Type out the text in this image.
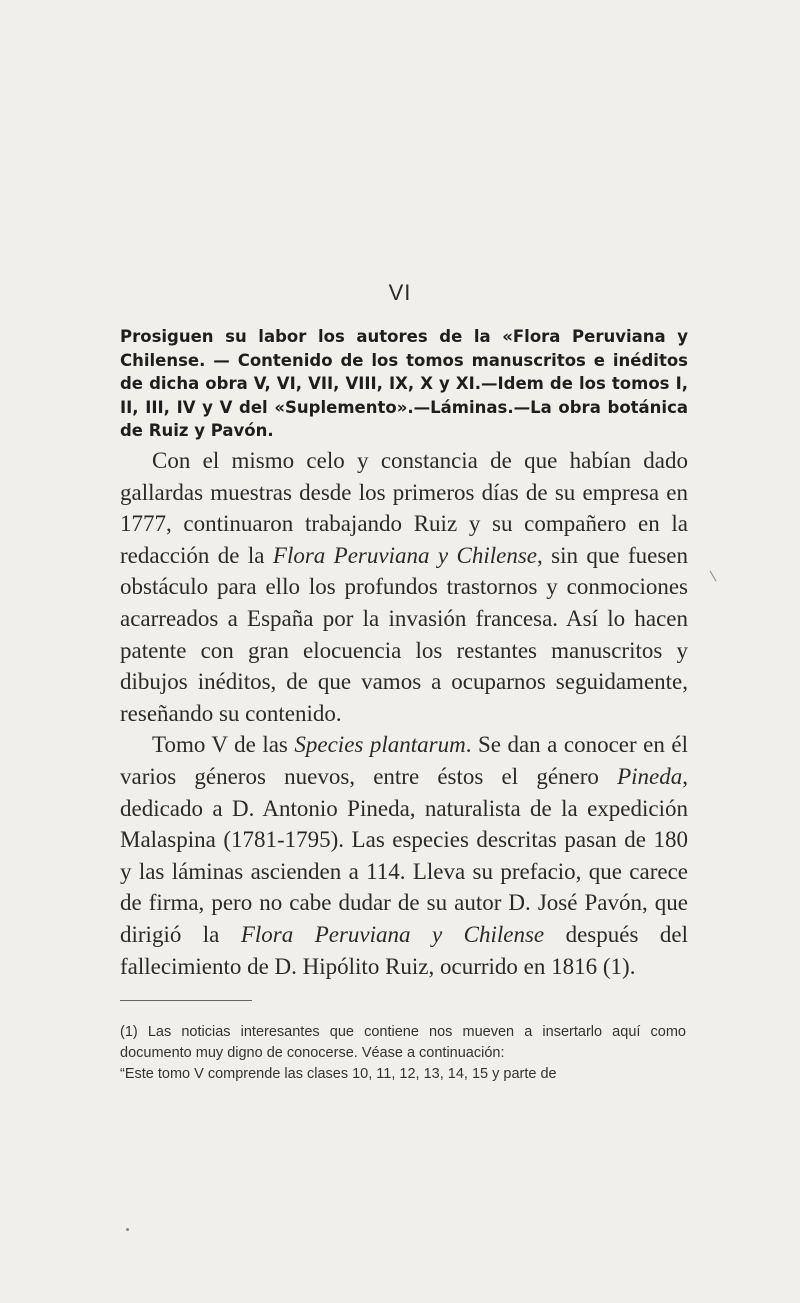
VI
Prosiguen su labor los autores de la «Flora Peruviana y Chilense. — Contenido de los tomos manuscritos e inéditos de dicha obra V, VI, VII, VIII, IX, X y XI.—Idem de los tomos I, II, III, IV y V del «Suplemento».—Láminas.—La obra botánica de Ruiz y Pavón.

Con el mismo celo y constancia de que habían dado gallardas muestras desde los primeros días de su empresa en 1777, continuaron trabajando Ruiz y su compañero en la redacción de la Flora Peruviana y Chilense, sin que fuesen obstáculo para ello los profundos trastornos y conmociones acarreados a España por la invasión francesa. Así lo hacen patente con gran elocuencia los restantes manuscritos y dibujos inéditos, de que vamos a ocuparnos seguidamente, reseñando su contenido.

Tomo V de las Species plantarum. Se dan a conocer en él varios géneros nuevos, entre éstos el género Pineda, dedicado a D. Antonio Pineda, naturalista de la expedición Malaspina (1781-1795). Las especies descritas pasan de 180 y las láminas ascienden a 114. Lleva su prefacio, que carece de firma, pero no cabe dudar de su autor D. José Pavón, que dirigió la Flora Peruviana y Chilense después del fallecimiento de D. Hipólito Ruiz, ocurrido en 1816 (1).

(1) Las noticias interesantes que contiene nos mueven a insertarlo aquí como documento muy digno de conocerse. Véase a continuación:

“Este tomo V comprende las clases 10, 11, 12, 13, 14, 15 y parte de
